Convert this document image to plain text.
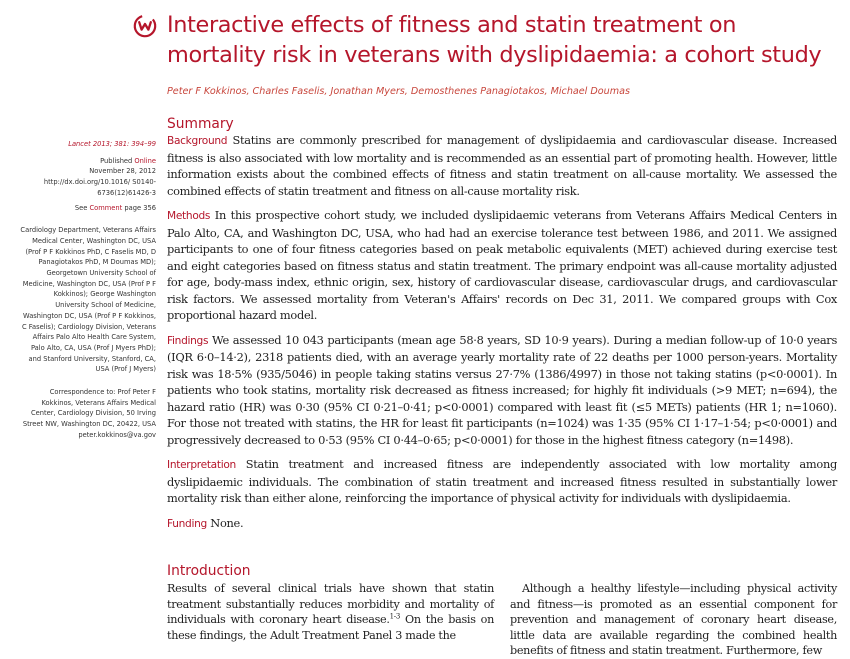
Interactive effects of fitness and statin treatment on mortality risk in veterans with dyslipidaemia: a cohort study

Peter F Kokkinos, Charles Faselis, Jonathan Myers, Demosthenes Panagiotakos, Michael Doumas

Lancet 2013; 381: 394–99

Published Online

November 28, 2012

http://dx.doi.org/10.1016/ S0140-6736(12)61426-3

See Comment page 356

Cardiology Department, Veterans Affairs Medical Center, Washington DC, USA (Prof P F Kokkinos PhD, C Faselis MD, D Panagiotakos PhD, M Doumas MD); Georgetown University School of Medicine, Washington DC, USA (Prof P F Kokkinos); George Washington University School of Medicine, Washington DC, USA (Prof P F Kokkinos, C Faselis); Cardiology Division, Veterans Affairs Palo Alto Health Care System, Palo Alto, CA, USA (Prof J Myers PhD); and Stanford University, Stanford, CA, USA (Prof J Myers)

Correspondence to: Prof Peter F Kokkinos, Veterans Affairs Medical Center, Cardiology Division, 50 Irving Street NW, Washington DC, 20422, USA peter.kokkinos@va.gov

Summary

Background Statins are commonly prescribed for management of dyslipidaemia and cardiovascular disease. Increased fitness is also associated with low mortality and is recommended as an essential part of promoting health. However, little information exists about the combined effects of fitness and statin treatment on all-cause mortality. We assessed the combined effects of statin treatment and fitness on all-cause mortality risk.

Methods In this prospective cohort study, we included dyslipidaemic veterans from Veterans Affairs Medical Centers in Palo Alto, CA, and Washington DC, USA, who had had an exercise tolerance test between 1986, and 2011. We assigned participants to one of four fitness categories based on peak metabolic equivalents (MET) achieved during exercise test and eight categories based on fitness status and statin treatment. The primary endpoint was all-cause mortality adjusted for age, body-mass index, ethnic origin, sex, history of cardiovascular disease, cardiovascular drugs, and cardiovascular risk factors. We assessed mortality from Veteran's Affairs' records on Dec 31, 2011. We compared groups with Cox proportional hazard model.

Findings We assessed 10 043 participants (mean age 58·8 years, SD 10·9 years). During a median follow-up of 10·0 years (IQR 6·0–14·2), 2318 patients died, with an average yearly mortality rate of 22 deaths per 1000 person-years. Mortality risk was 18·5% (935/5046) in people taking statins versus 27·7% (1386/4997) in those not taking statins (p<0·0001). In patients who took statins, mortality risk decreased as fitness increased; for highly fit individuals (>9 MET; n=694), the hazard ratio (HR) was 0·30 (95% CI 0·21–0·41; p<0·0001) compared with least fit (≤5 METs) patients (HR 1; n=1060). For those not treated with statins, the HR for least fit participants (n=1024) was 1·35 (95% CI 1·17–1·54; p<0·0001) and progressively decreased to 0·53 (95% CI 0·44–0·65; p<0·0001) for those in the highest fitness category (n=1498).

Interpretation Statin treatment and increased fitness are independently associated with low mortality among dyslipidaemic individuals. The combination of statin treatment and increased fitness resulted in substantially lower mortality risk than either alone, reinforcing the importance of physical activity for individuals with dyslipidaemia.

Funding None.

Introduction

Results of several clinical trials have shown that statin treatment substantially reduces morbidity and mortality of individuals with coronary heart disease.$^{1-3}$ On the basis on these findings, the Adult Treatment Panel 3 made the

Although a healthy lifestyle—including physical activity and fitness—is promoted as an essential component for prevention and management of coronary heart disease, little data are available regarding the combined health benefits of fitness and statin treatment. Furthermore, few
